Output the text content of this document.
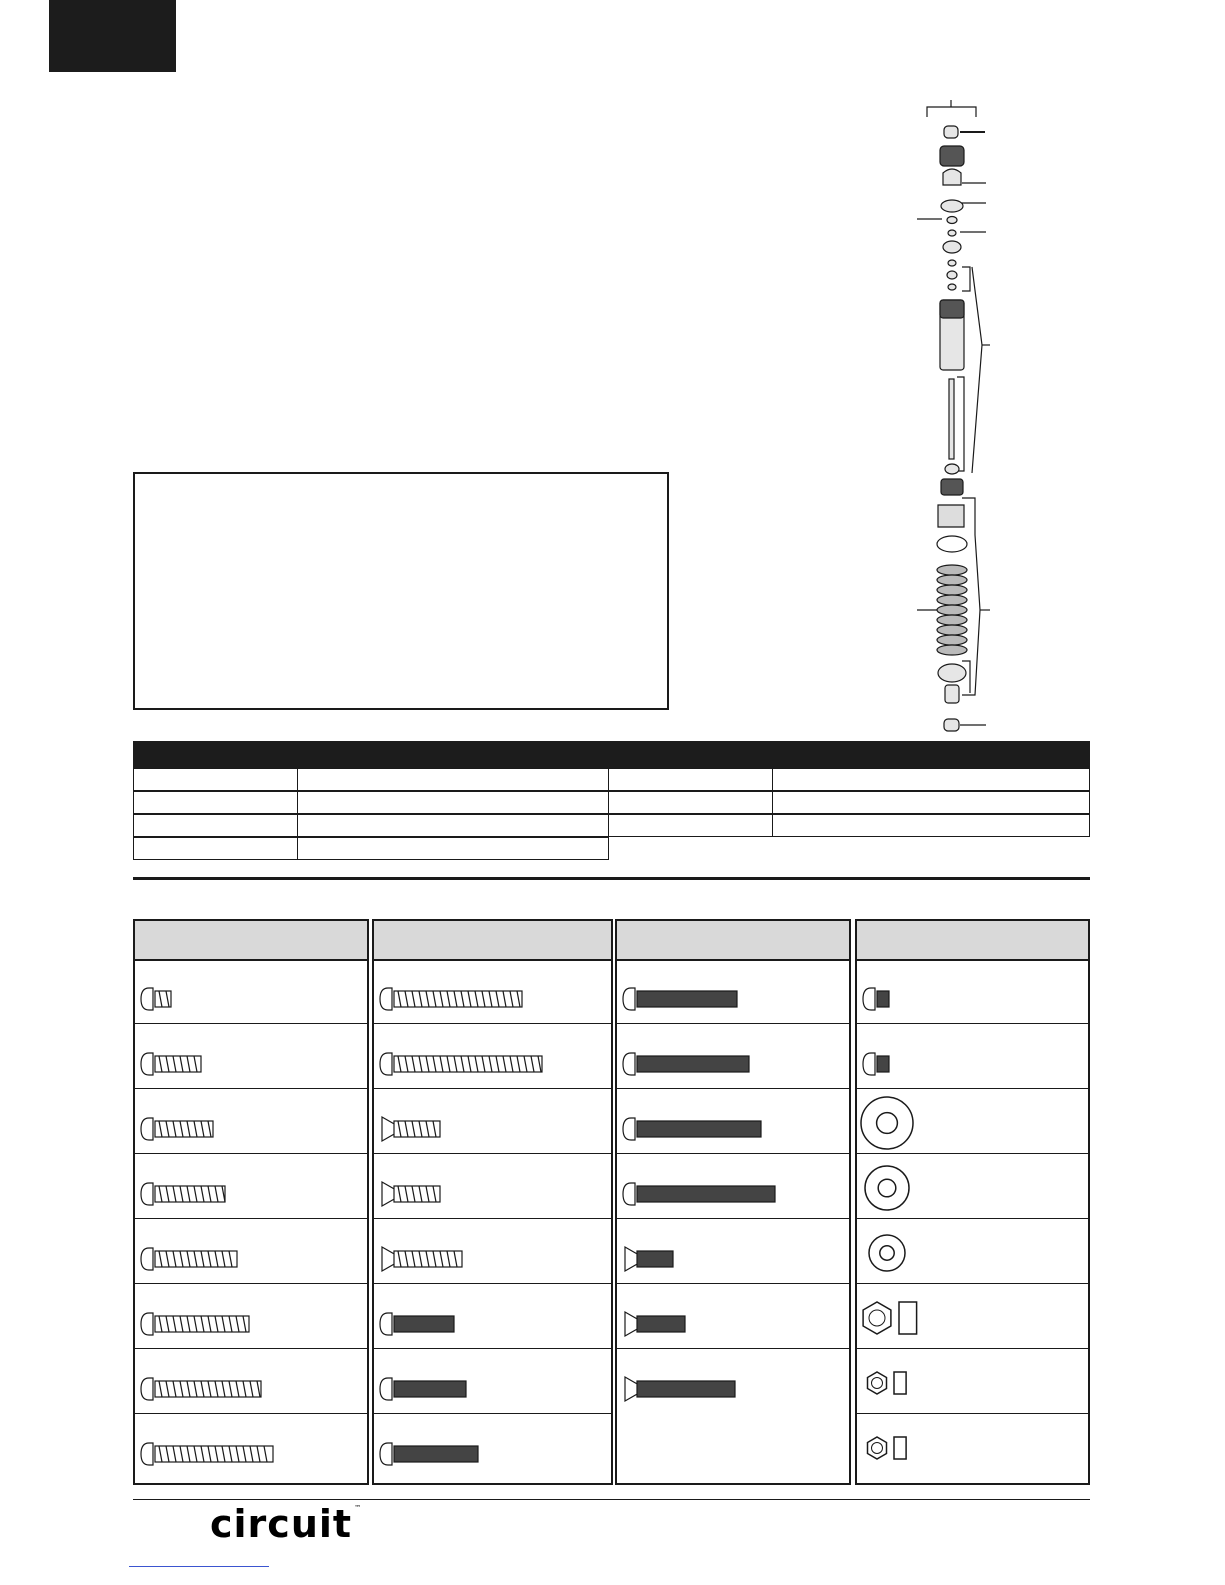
circuit ™
